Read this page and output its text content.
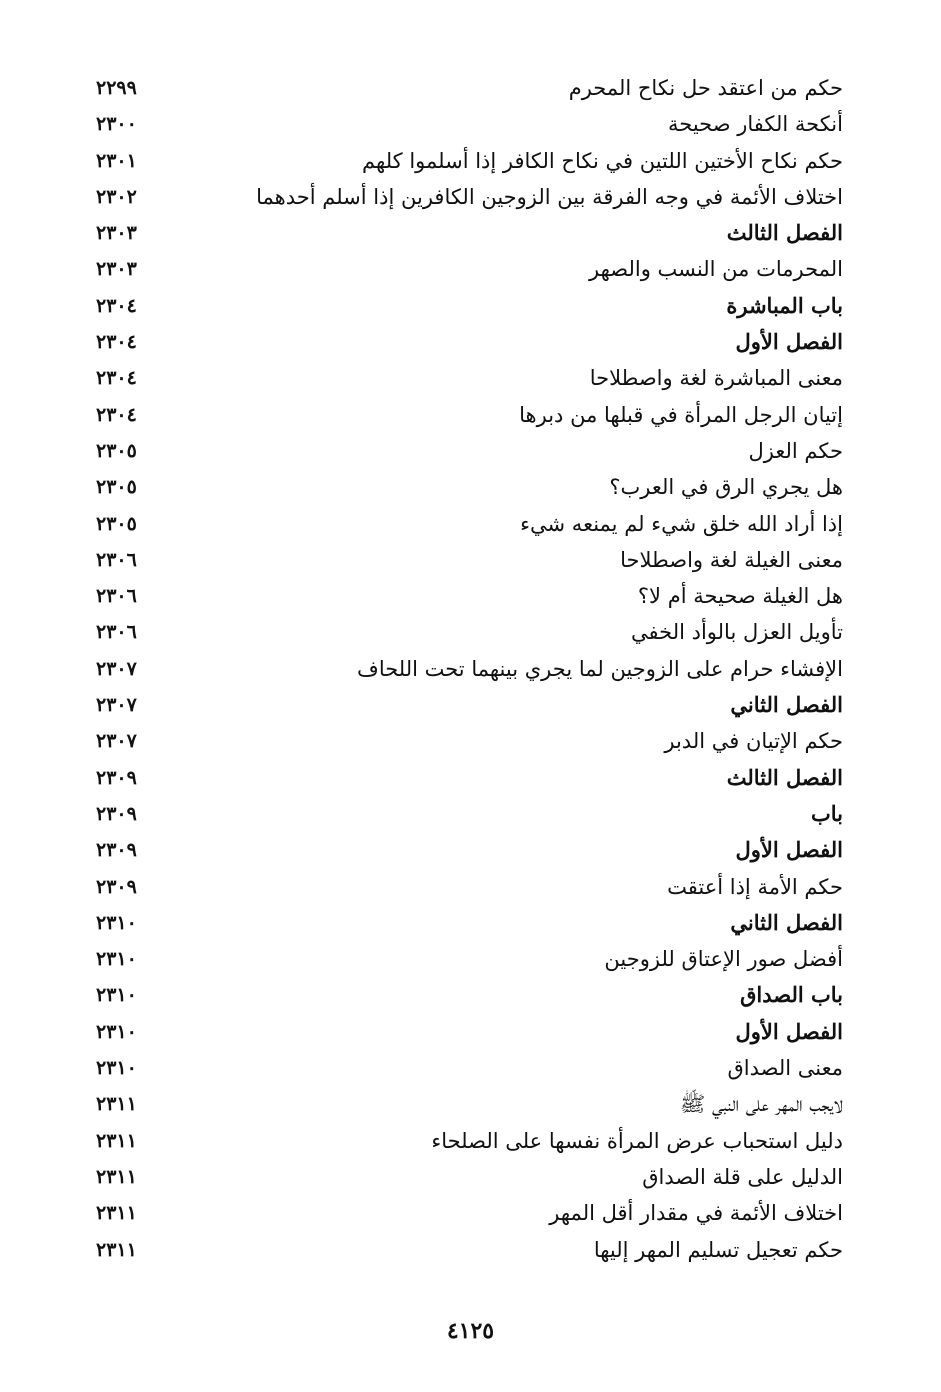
حكم من اعتقد حل نكاح المحرم
٢٢٩٩
أنكحة الكفار صحيحة
٢٣٠٠
حكم نكاح الأختين اللتين في نكاح الكافر إذا أسلموا كلهم
٢٣٠١
اختلاف الأئمة في وجه الفرقة بين الزوجين الكافرين إذا أسلم أحدهما
٢٣٠٢
الفصل الثالث
٢٣٠٣
المحرمات من النسب والصهر
٢٣٠٣
باب المباشرة
٢٣٠٤
الفصل الأول
٢٣٠٤
معنى المباشرة لغة واصطلاحا
٢٣٠٤
إتيان الرجل المرأة في قبلها من دبرها
٢٣٠٤
حكم العزل
٢٣٠٥
هل يجري الرق في العرب؟
٢٣٠٥
إذا أراد الله خلق شيء لم يمنعه شيء
٢٣٠٥
معنى الغيلة لغة واصطلاحا
٢٣٠٦
هل الغيلة صحيحة أم لا؟
٢٣٠٦
تأويل العزل بالوأد الخفي
٢٣٠٦
الإفشاء حرام على الزوجين لما يجري بينهما تحت اللحاف
٢٣٠٧
الفصل الثاني
٢٣٠٧
حكم الإتيان في الدبر
٢٣٠٧
الفصل الثالث
٢٣٠٩
باب
٢٣٠٩
الفصل الأول
٢٣٠٩
حكم الأمة إذا أعتقت
٢٣٠٩
الفصل الثاني
٢٣١٠
أفضل صور الإعتاق للزوجين
٢٣١٠
باب الصداق
٢٣١٠
الفصل الأول
٢٣١٠
معنى الصداق
٢٣١٠
لايجب المهر على النبي ﷺ
٢٣١١
دليل استحباب عرض المرأة نفسها على الصلحاء
٢٣١١
الدليل على قلة الصداق
٢٣١١
اختلاف الأئمة في مقدار أقل المهر
٢٣١١
حكم تعجيل تسليم المهر إليها
٢٣١١
٤١٢٥
